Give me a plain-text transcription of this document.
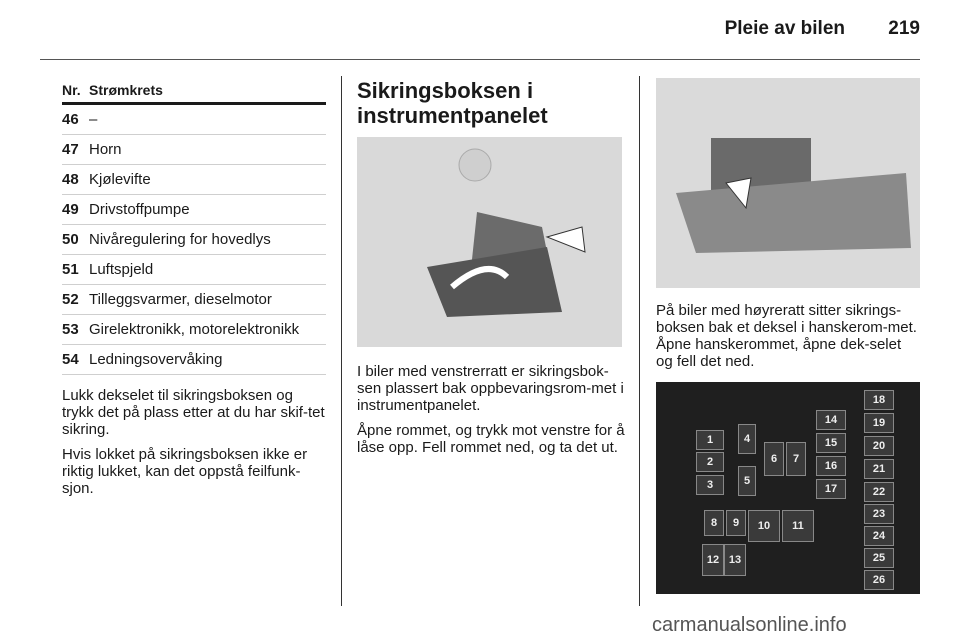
Pleie av bilen 219
Nr. Strømkrets
46 –
47 Horn
48 Kjølevifte
49 Drivstoffpumpe
50 Nivåregulering for hovedlys
51 Luftspjeld
52 Tilleggsvarmer, dieselmotor
53 Girelektronikk, motorelektronikk
54 Ledningsovervåking
Lukk dekselet til sikringsboksen og trykk det på plass etter at du har skif-tet sikring.
Hvis lokket på sikringsboksen ikke er riktig lukket, kan det oppstå feilfunk-sjon.
Sikringsboksen i instrumentpanelet
I biler med venstrerratt er sikringsbok-sen plassert bak oppbevaringsrom-met i instrumentpanelet.
Åpne rommet, og trykk mot venstre for å låse opp. Fell rommet ned, og ta det ut.
På biler med høyreratt sitter sikrings-boksen bak et deksel i hanskerom-met. Åpne hanskerommet, åpne dek-selet og fell det ned.
1
2
3
4
5
6	7
8	9	10	11
12 13
14
15
16
17
18
19
20
21
22
23
24
25
26
carmanualsonline.info
